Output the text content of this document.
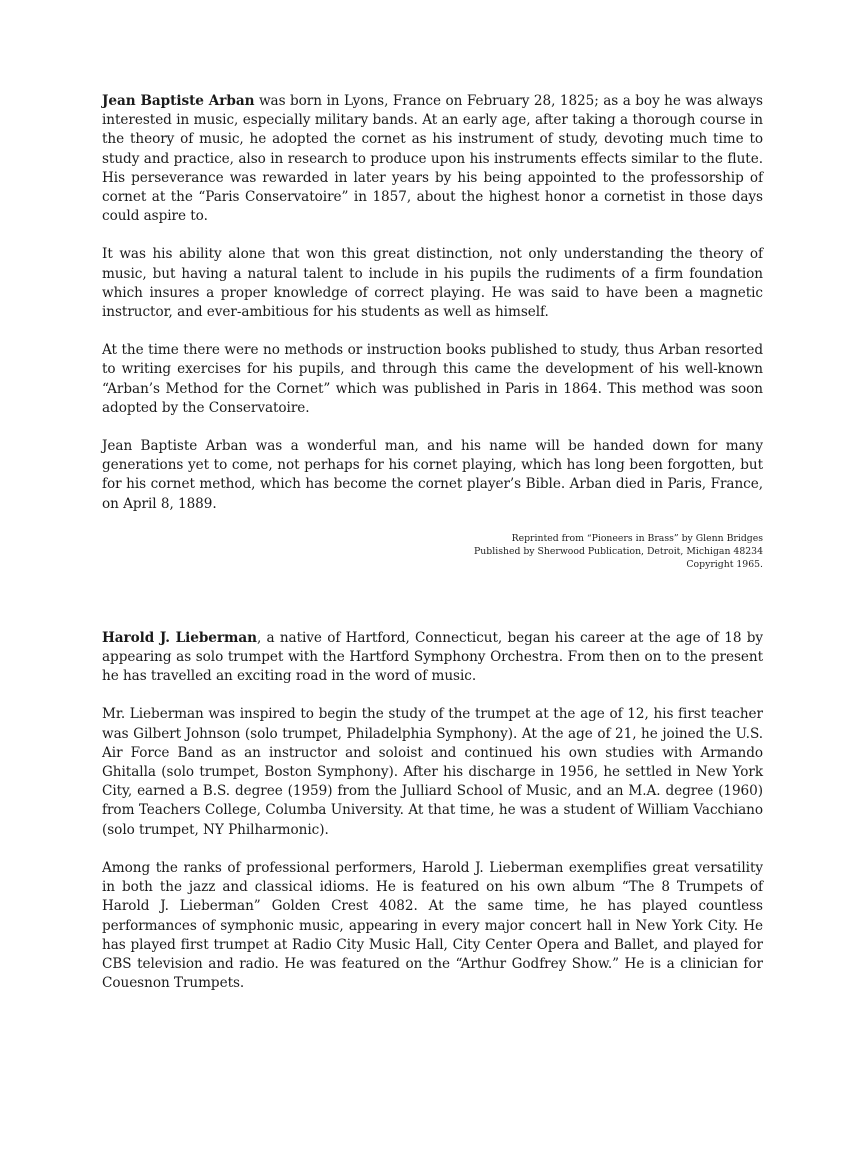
Jean Baptiste Arban was born in Lyons, France on February 28, 1825; as a boy he was always interested in music, especially military bands. At an early age, after taking a thorough course in the theory of music, he adopted the cornet as his instrument of study, devoting much time to study and practice, also in research to produce upon his instruments effects similar to the flute. His perseverance was rewarded in later years by his being appointed to the professorship of cornet at the “Paris Conservatoire” in 1857, about the highest honor a cornetist in those days could aspire to.

It was his ability alone that won this great distinction, not only understanding the theory of music, but having a natural talent to include in his pupils the rudiments of a firm foundation which insures a proper knowledge of correct playing. He was said to have been a magnetic instructor, and ever-ambitious for his students as well as himself.

At the time there were no methods or instruction books published to study, thus Arban resorted to writing exercises for his pupils, and through this came the development of his well-known “Arban’s Method for the Cornet” which was published in Paris in 1864. This method was soon adopted by the Conservatoire.

Jean Baptiste Arban was a wonderful man, and his name will be handed down for many generations yet to come, not perhaps for his cornet playing, which has long been forgotten, but for his cornet method, which has become the cornet player’s Bible. Arban died in Paris, France, on April 8, 1889.

Reprinted from “Pioneers in Brass” by Glenn Bridges
Published by Sherwood Publication, Detroit, Michigan 48234
Copyright 1965.

Harold J. Lieberman, a native of Hartford, Connecticut, began his career at the age of 18 by appearing as solo trumpet with the Hartford Symphony Orchestra. From then on to the present he has travelled an exciting road in the word of music.

Mr. Lieberman was inspired to begin the study of the trumpet at the age of 12, his first teacher was Gilbert Johnson (solo trumpet, Philadelphia Symphony). At the age of 21, he joined the U.S. Air Force Band as an instructor and soloist and continued his own studies with Armando Ghitalla (solo trumpet, Boston Symphony). After his discharge in 1956, he settled in New York City, earned a B.S. degree (1959) from the Julliard School of Music, and an M.A. degree (1960) from Teachers College, Columba University. At that time, he was a student of William Vacchiano (solo trumpet, NY Philharmonic).

Among the ranks of professional performers, Harold J. Lieberman exemplifies great versatility in both the jazz and classical idioms. He is featured on his own album “The 8 Trumpets of Harold J. Lieberman” Golden Crest 4082. At the same time, he has played countless performances of symphonic music, appearing in every major concert hall in New York City. He has played first trumpet at Radio City Music Hall, City Center Opera and Ballet, and played for CBS television and radio. He was featured on the “Arthur Godfrey Show.” He is a clinician for Couesnon Trumpets.
